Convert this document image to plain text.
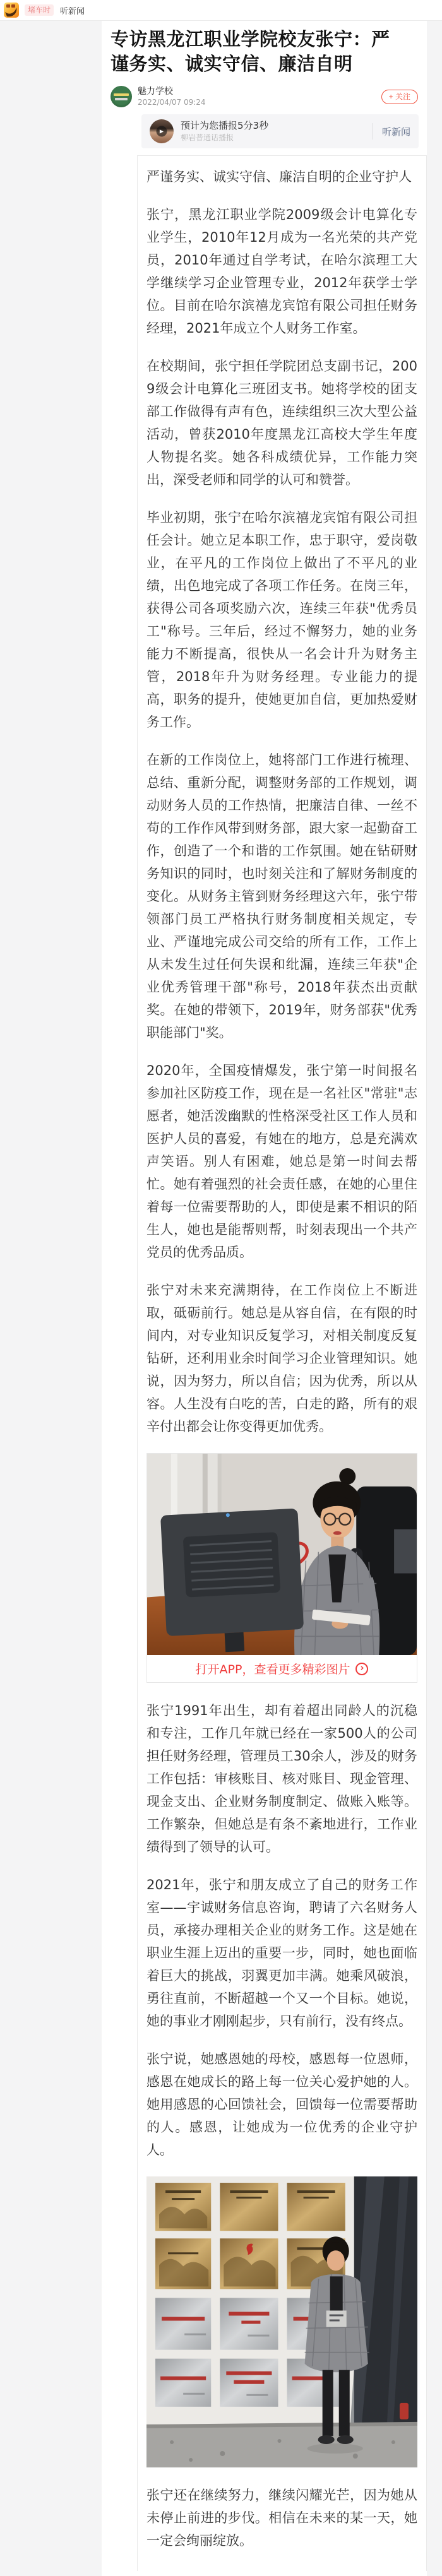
堵车时	听新闻
专访黑龙江职业学院校友张宁：严谨务实、诚实守信、廉洁自明
魅力学校
2022/04/07 09:24
+ 关注
▶	预计为您播报5分3秒
柳岩普通话播报
听新闻

严谨务实、诚实守信、廉洁自明的企业守护人

张宁，黑龙江职业学院2009级会计电算化专业学生，2010年12月成为一名光荣的共产党员，2010年通过自学考试，在哈尔滨理工大学继续学习企业管理专业，2012年获学士学位。目前在哈尔滨禧龙宾馆有限公司担任财务经理，2021年成立个人财务工作室。

在校期间，张宁担任学院团总支副书记，2009级会计电算化三班团支书。她将学校的团支部工作做得有声有色，连续组织三次大型公益活动，曾获2010年度黑龙江高校大学生年度人物提名奖。她各科成绩优异，工作能力突出，深受老师和同学的认可和赞誉。

毕业初期，张宁在哈尔滨禧龙宾馆有限公司担任会计。她立足本职工作，忠于职守，爱岗敬业，在平凡的工作岗位上做出了不平凡的业绩，出色地完成了各项工作任务。在岗三年，获得公司各项奖励六次，连续三年获"优秀员工"称号。三年后，经过不懈努力，她的业务能力不断提高，很快从一名会计升为财务主管，2018年升为财务经理。专业能力的提高，职务的提升，使她更加自信，更加热爱财务工作。

在新的工作岗位上，她将部门工作进行梳理、总结、重新分配，调整财务部的工作规划，调动财务人员的工作热情，把廉洁自律、一丝不苟的工作作风带到财务部，跟大家一起勤奋工作，创造了一个和谐的工作氛围。她在钻研财务知识的同时，也时刻关注和了解财务制度的变化。从财务主管到财务经理这六年，张宁带领部门员工严格执行财务制度相关规定，专业、严谨地完成公司交给的所有工作，工作上从未发生过任何失误和纰漏，连续三年获"企业优秀管理干部"称号，2018年获杰出贡献奖。在她的带领下，2019年，财务部获"优秀职能部门"奖。

2020年，全国疫情爆发，张宁第一时间报名参加社区防疫工作，现在是一名社区"常驻"志愿者，她活泼幽默的性格深受社区工作人员和医护人员的喜爱，有她在的地方，总是充满欢声笑语。别人有困难，她总是第一时间去帮忙。她有着强烈的社会责任感，在她的心里住着每一位需要帮助的人，即使是素不相识的陌生人，她也是能帮则帮，时刻表现出一个共产党员的优秀品质。

张宁对未来充满期待，在工作岗位上不断进取，砥砺前行。她总是从容自信，在有限的时间内，对专业知识反复学习，对相关制度反复钻研，还利用业余时间学习企业管理知识。她说，因为努力，所以自信；因为优秀，所以从容。人生没有白吃的苦，白走的路，所有的艰辛付出都会让你变得更加优秀。

打开APP，查看更多精彩图片	›

张宁1991年出生，却有着超出同龄人的沉稳和专注，工作几年就已经在一家500人的公司担任财务经理，管理员工30余人，涉及的财务工作包括：审核账目、核对账目、现金管理、现金支出、企业财务制度制定、做账入账等。工作繁杂，但她总是有条不紊地进行，工作业绩得到了领导的认可。

2021年，张宁和朋友成立了自己的财务工作室——宇诚财务信息咨询，聘请了六名财务人员，承接办理相关企业的财务工作。这是她在职业生涯上迈出的重要一步，同时，她也面临着巨大的挑战，羽翼更加丰满。她乘风破浪，勇往直前，不断超越一个又一个目标。她说，她的事业才刚刚起步，只有前行，没有终点。

张宁说，她感恩她的母校，感恩每一位恩师，感恩在她成长的路上每一位关心爱护她的人。她用感恩的心回馈社会，回馈每一位需要帮助的人。感恩，让她成为一位优秀的企业守护人。

张宁还在继续努力，继续闪耀光芒，因为她从未停止前进的步伐。相信在未来的某一天，她一定会绚丽绽放。
